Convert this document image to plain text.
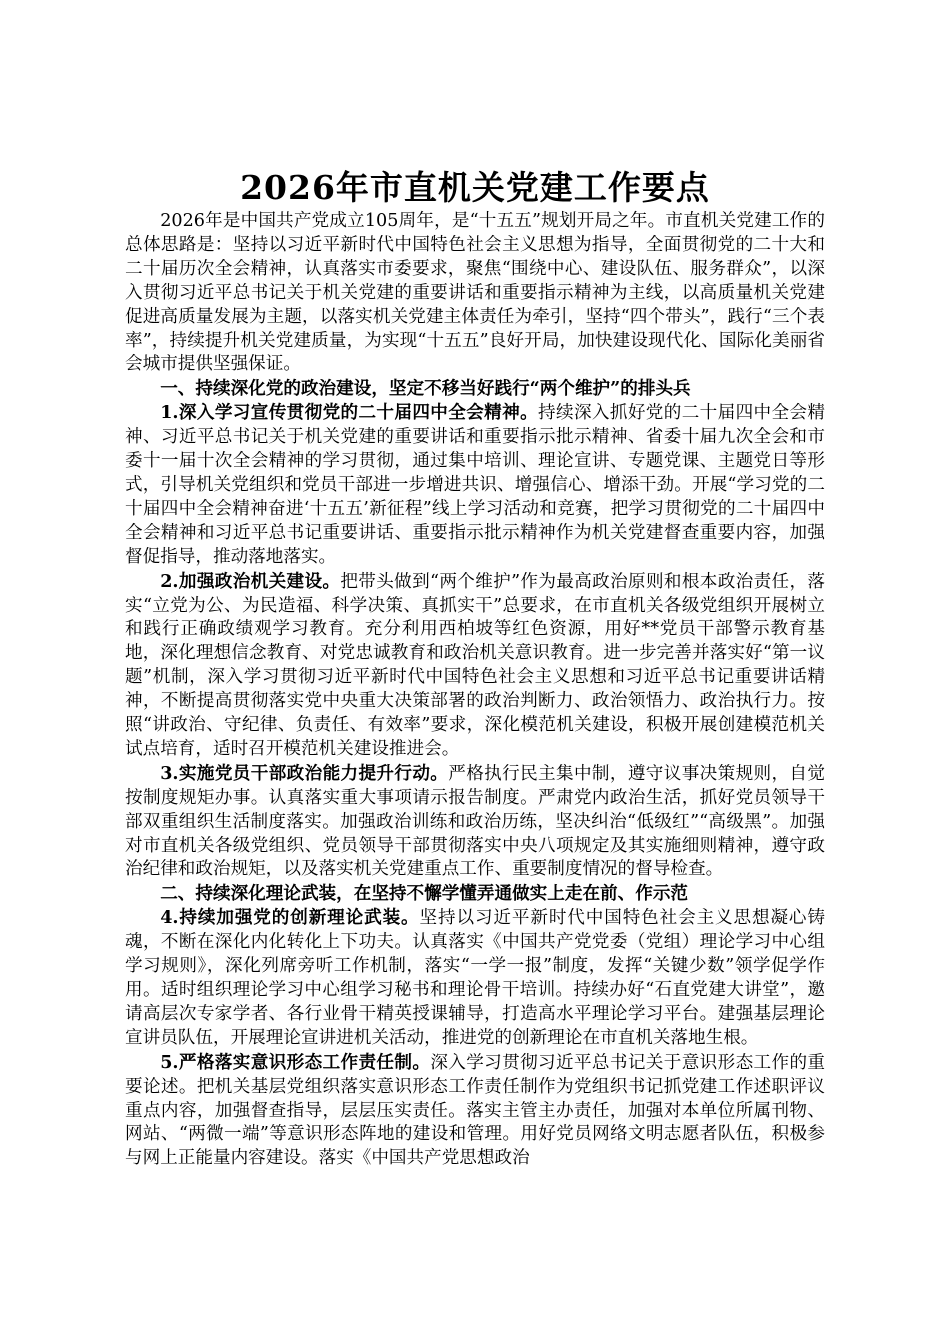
2026年市直机关党建工作要点

2026年是中国共产党成立105周年，是“十五五”规划开局之年。市直机关党建工作的总体思路是：坚持以习近平新时代中国特色社会主义思想为指导，全面贯彻党的二十大和二十届历次全会精神，认真落实市委要求，聚焦“围绕中心、建设队伍、服务群众”，以深入贯彻习近平总书记关于机关党建的重要讲话和重要指示精神为主线，以高质量机关党建促进高质量发展为主题，以落实机关党建主体责任为牵引，坚持“四个带头”，践行“三个表率”，持续提升机关党建质量，为实现“十五五”良好开局，加快建设现代化、国际化美丽省会城市提供坚强保证。

一、持续深化党的政治建设，坚定不移当好践行“两个维护”的排头兵

1.深入学习宣传贯彻党的二十届四中全会精神。持续深入抓好党的二十届四中全会精神、习近平总书记关于机关党建的重要讲话和重要指示批示精神、省委十届九次全会和市委十一届十次全会精神的学习贯彻，通过集中培训、理论宣讲、专题党课、主题党日等形式，引导机关党组织和党员干部进一步增进共识、增强信心、增添干劲。开展“学习党的二十届四中全会精神奋进‘十五五’新征程”线上学习活动和竞赛，把学习贯彻党的二十届四中全会精神和习近平总书记重要讲话、重要指示批示精神作为机关党建督查重要内容，加强督促指导，推动落地落实。

2.加强政治机关建设。把带头做到“两个维护”作为最高政治原则和根本政治责任，落实“立党为公、为民造福、科学决策、真抓实干”总要求，在市直机关各级党组织开展树立和践行正确政绩观学习教育。充分利用西柏坡等红色资源，用好**党员干部警示教育基地，深化理想信念教育、对党忠诚教育和政治机关意识教育。进一步完善并落实好“第一议题”机制，深入学习贯彻习近平新时代中国特色社会主义思想和习近平总书记重要讲话精神，不断提高贯彻落实党中央重大决策部署的政治判断力、政治领悟力、政治执行力。按照“讲政治、守纪律、负责任、有效率”要求，深化模范机关建设，积极开展创建模范机关试点培育，适时召开模范机关建设推进会。

3.实施党员干部政治能力提升行动。严格执行民主集中制，遵守议事决策规则，自觉按制度规矩办事。认真落实重大事项请示报告制度。严肃党内政治生活，抓好党员领导干部双重组织生活制度落实。加强政治训练和政治历练，坚决纠治“低级红”“高级黑”。加强对市直机关各级党组织、党员领导干部贯彻落实中央八项规定及其实施细则精神，遵守政治纪律和政治规矩，以及落实机关党建重点工作、重要制度情况的督导检查。

二、持续深化理论武装，在坚持不懈学懂弄通做实上走在前、作示范

4.持续加强党的创新理论武装。坚持以习近平新时代中国特色社会主义思想凝心铸魂，不断在深化内化转化上下功夫。认真落实《中国共产党党委（党组）理论学习中心组学习规则》，深化列席旁听工作机制，落实“一学一报”制度，发挥“关键少数”领学促学作用。适时组织理论学习中心组学习秘书和理论骨干培训。持续办好“石直党建大讲堂”，邀请高层次专家学者、各行业骨干精英授课辅导，打造高水平理论学习平台。建强基层理论宣讲员队伍，开展理论宣讲进机关活动，推进党的创新理论在市直机关落地生根。

5.严格落实意识形态工作责任制。深入学习贯彻习近平总书记关于意识形态工作的重要论述。把机关基层党组织落实意识形态工作责任制作为党组织书记抓党建工作述职评议重点内容，加强督查指导，层层压实责任。落实主管主办责任，加强对本单位所属刊物、网站、“两微一端”等意识形态阵地的建设和管理。用好党员网络文明志愿者队伍，积极参与网上正能量内容建设。落实《中国共产党思想政治
